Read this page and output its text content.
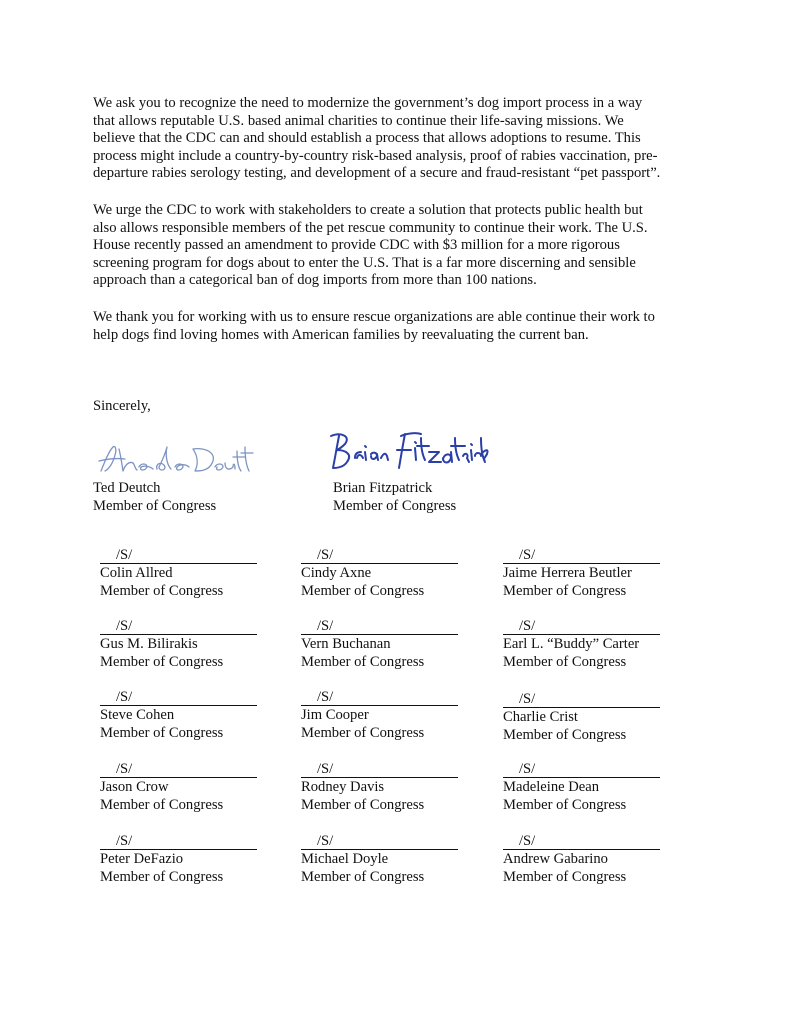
We ask you to recognize the need to modernize the government’s dog import process in a way
that allows reputable U.S. based animal charities to continue their life-saving missions. We
believe that the CDC can and should establish a process that allows adoptions to resume. This
process might include a country-by-country risk-based analysis, proof of rabies vaccination, pre-
departure rabies serology testing, and development of a secure and fraud-resistant “pet passport”.

We urge the CDC to work with stakeholders to create a solution that protects public health but
also allows responsible members of the pet rescue community to continue their work. The U.S.
House recently passed an amendment to provide CDC with $3 million for a more rigorous
screening program for dogs about to enter the U.S. That is a far more discerning and sensible
approach than a categorical ban of dog imports from more than 100 nations.

We thank you for working with us to ensure rescue organizations are able continue their work to
help dogs find loving homes with American families by reevaluating the current ban.

Sincerely,
Ted Deutch
Member of Congress
Brian Fitzpatrick
Member of Congress
/S/
Colin Allred
Member of Congress
/S/
Cindy Axne
Member of Congress
/S/
Jaime Herrera Beutler
Member of Congress
/S/
Gus M. Bilirakis
Member of Congress
/S/
Vern Buchanan
Member of Congress
/S/
Earl L. “Buddy” Carter
Member of Congress
/S/
Steve Cohen
Member of Congress
/S/
Jim Cooper
Member of Congress
/S/
Charlie Crist
Member of Congress
/S/
Jason Crow
Member of Congress
/S/
Rodney Davis
Member of Congress
/S/
Madeleine Dean
Member of Congress
/S/
Peter DeFazio
Member of Congress
/S/
Michael Doyle
Member of Congress
/S/
Andrew Gabarino
Member of Congress
